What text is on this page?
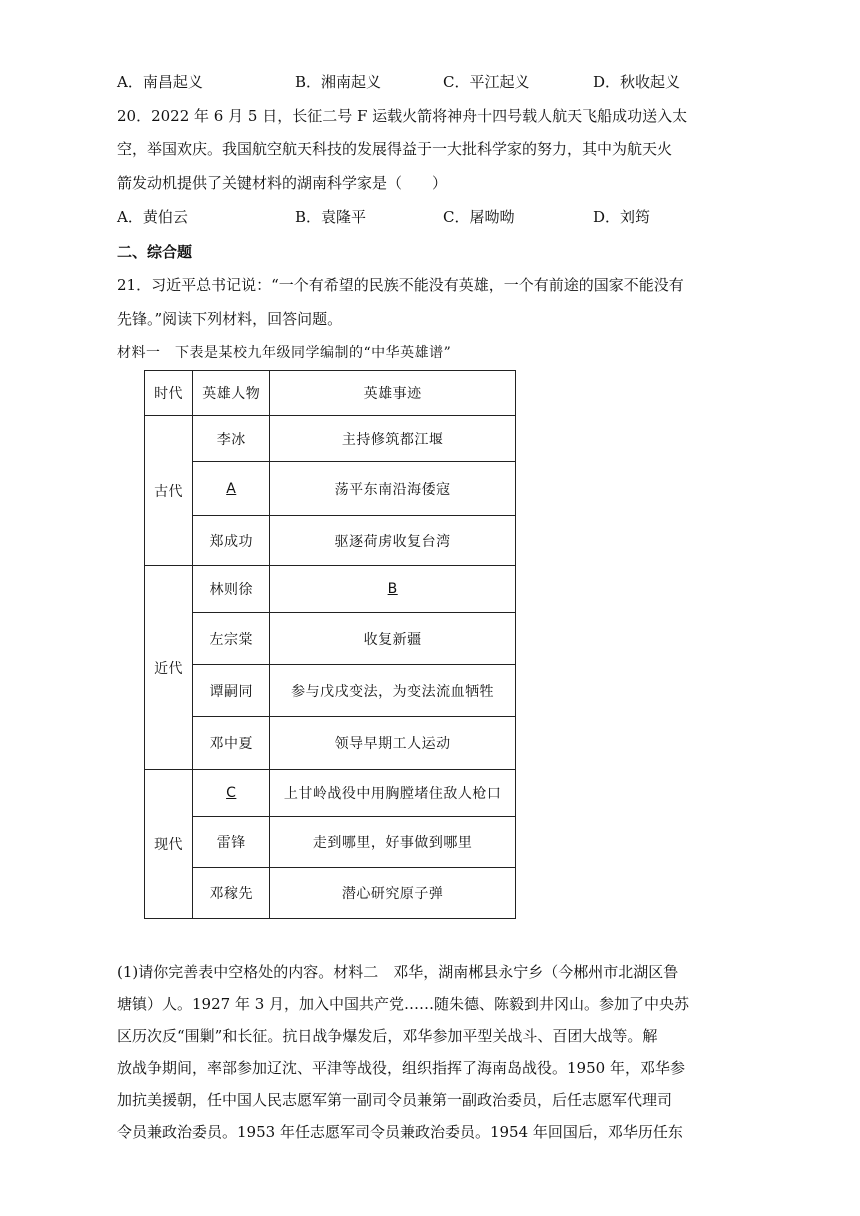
A．南昌起义	B．湘南起义	C．平江起义	D．秋收起义
20．2022 年 6 月 5 日，长征二号 F 运载火箭将神舟十四号载人航天飞船成功送入太
空，举国欢庆。我国航空航天科技的发展得益于一大批科学家的努力，其中为航天火
箭发动机提供了关键材料的湖南科学家是（　　）
A．黄伯云	B．袁隆平	C．屠呦呦	D．刘筠
二、综合题
21．习近平总书记说：“一个有希望的民族不能没有英雄，一个有前途的国家不能没有
先锋。”阅读下列材料，回答问题。
材料一　下表是某校九年级同学编制的“中华英雄谱”
时代	英雄人物	英雄事迹
古代	李冰	主持修筑都江堰
	A	荡平东南沿海倭寇
	郑成功	驱逐荷虏收复台湾
近代	林则徐	B
	左宗棠	收复新疆
	谭嗣同	参与戊戌变法，为变法流血牺牲
	邓中夏	领导早期工人运动
现代	C	上甘岭战役中用胸膛堵住敌人枪口
	雷锋	走到哪里，好事做到哪里
	邓稼先	潜心研究原子弹
(1)请你完善表中空格处的内容。材料二　邓华，湖南郴县永宁乡（今郴州市北湖区鲁
塘镇）人。1927 年 3 月，加入中国共产党……随朱德、陈毅到井冈山。参加了中央苏
区历次反“围剿”和长征。抗日战争爆发后，邓华参加平型关战斗、百团大战等。解
放战争期间，率部参加辽沈、平津等战役，组织指挥了海南岛战役。1950 年，邓华参
加抗美援朝，任中国人民志愿军第一副司令员兼第一副政治委员，后任志愿军代理司
令员兼政治委员。1953 年任志愿军司令员兼政治委员。1954 年回国后，邓华历任东
